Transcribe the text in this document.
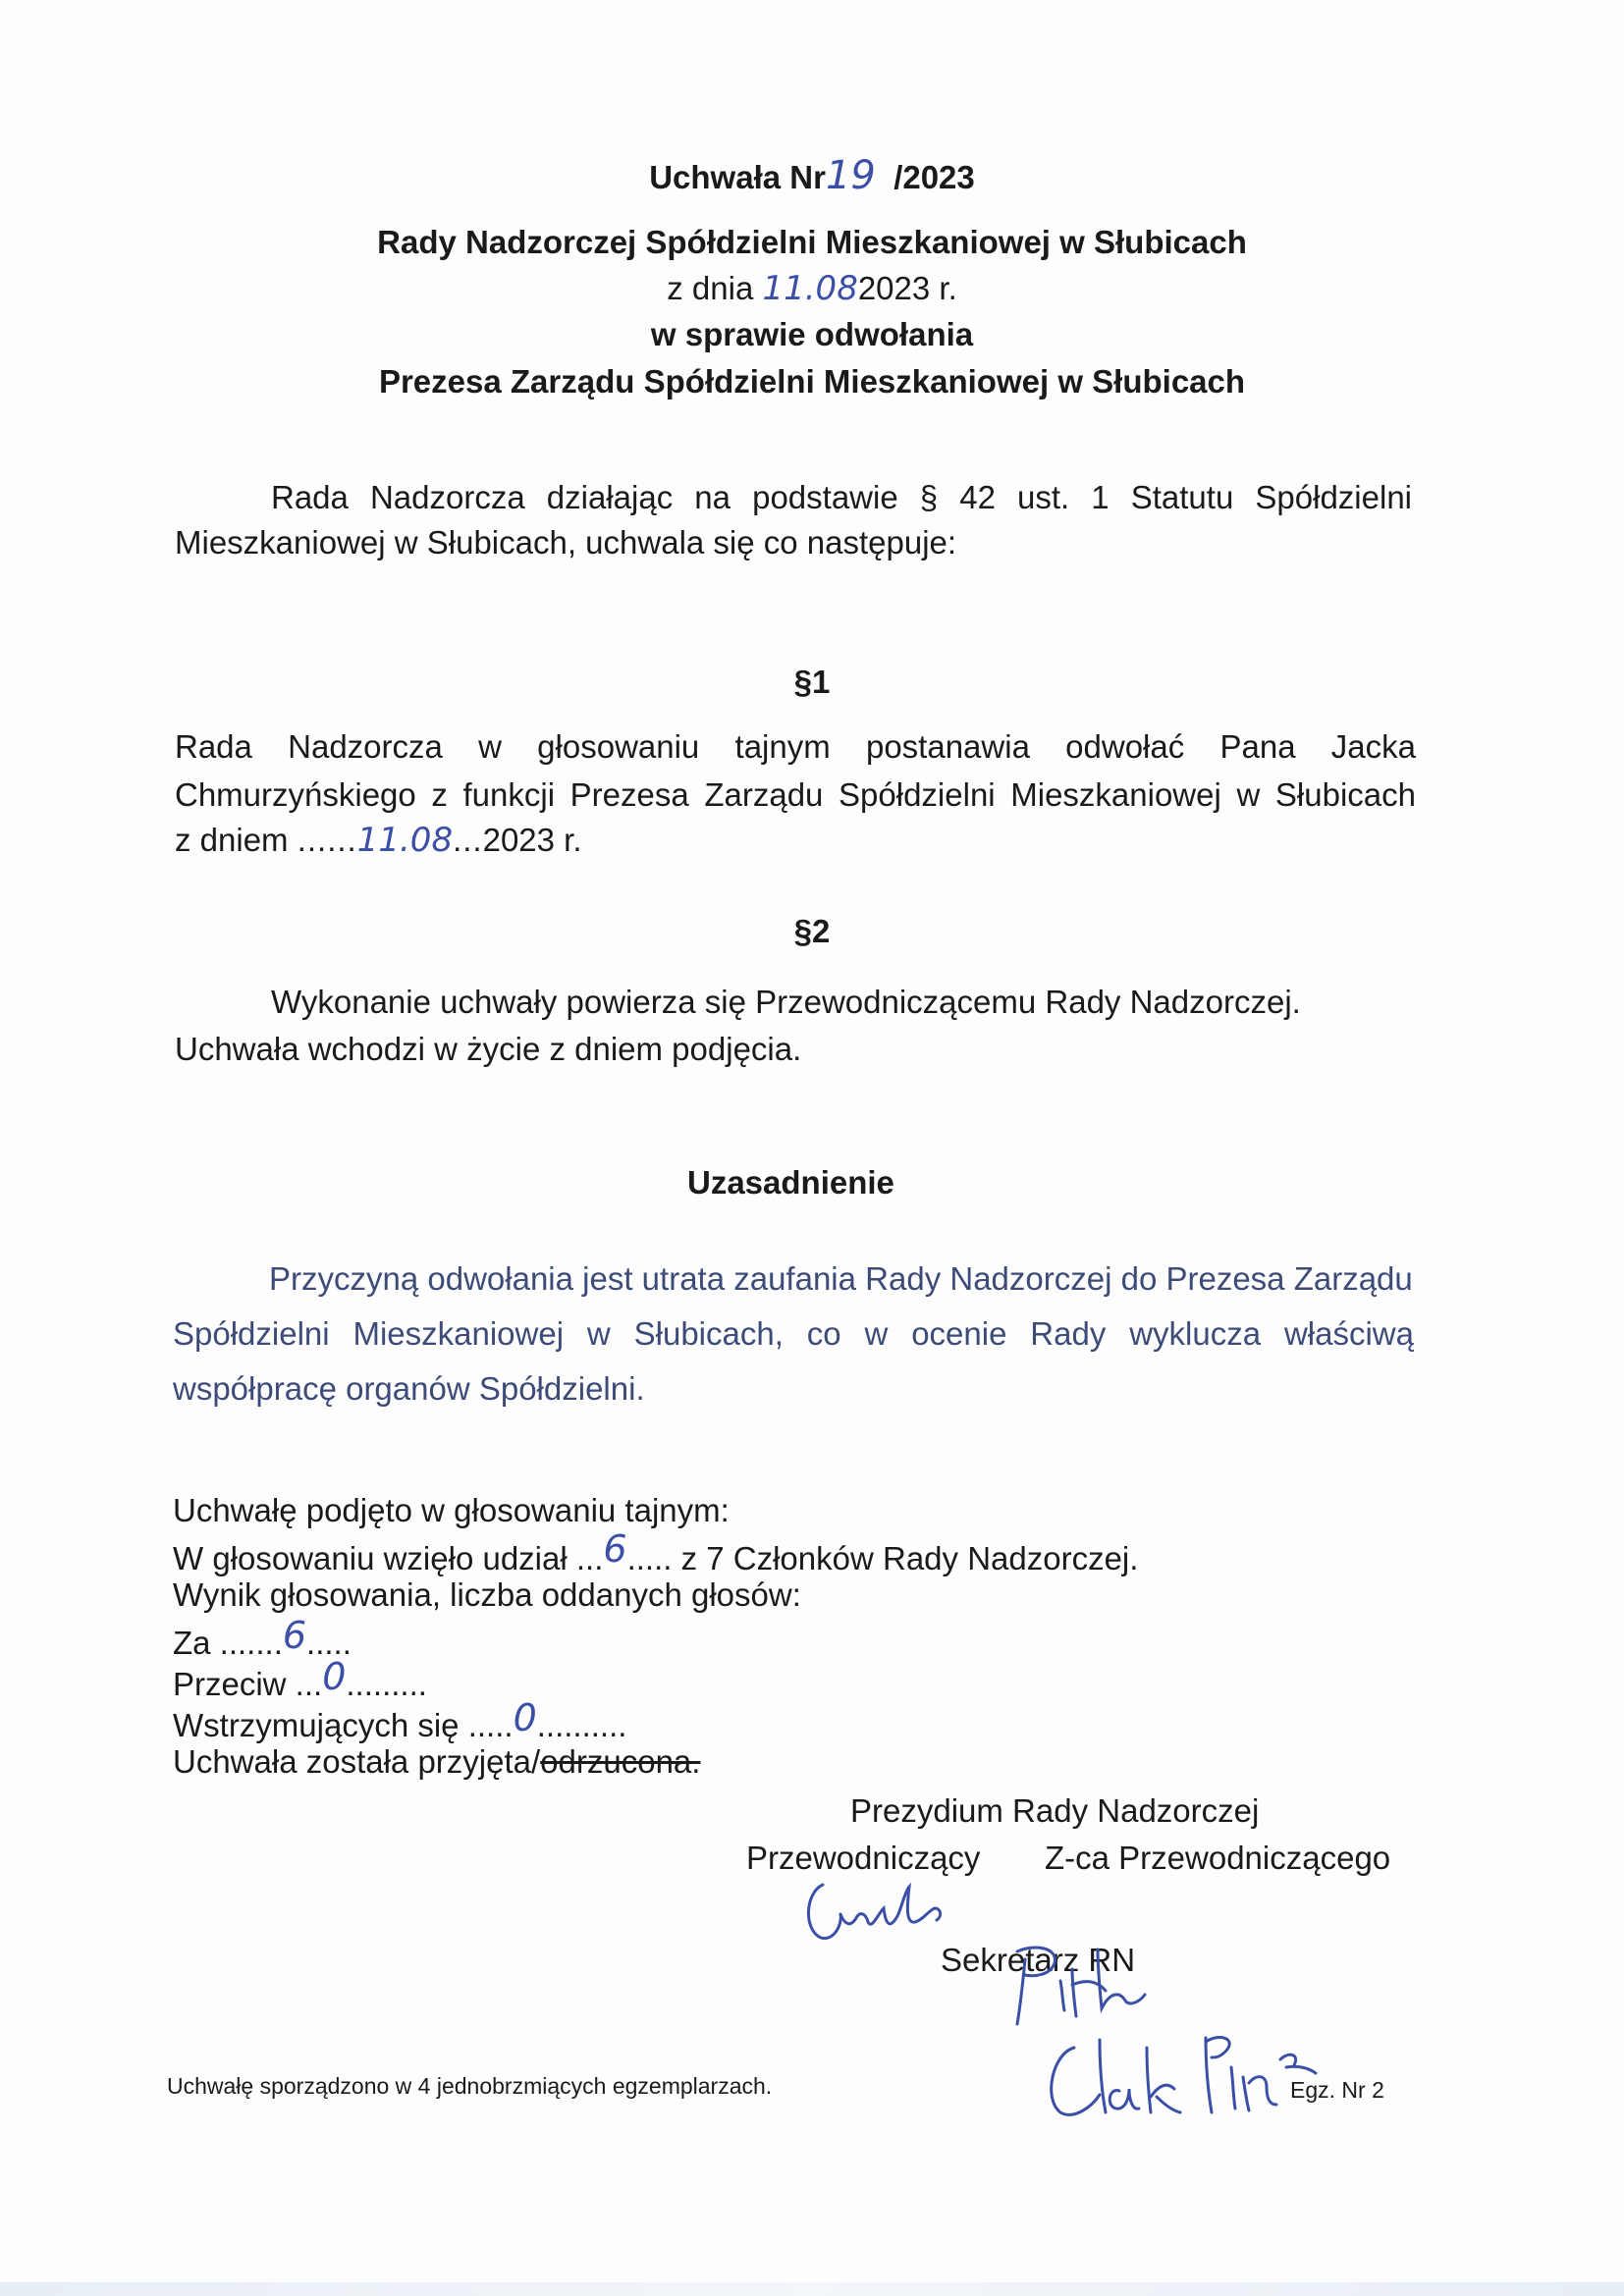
Uchwała Nr19 /2023
Rady Nadzorczej Spółdzielni Mieszkaniowej w Słubicach
z dnia 11.082023 r.
w sprawie odwołania
Prezesa Zarządu Spółdzielni Mieszkaniowej w Słubicach
Rada Nadzorcza działając na podstawie § 42 ust. 1 Statutu Spółdzielni
Mieszkaniowej w Słubicach, uchwala się co następuje:
§1
Rada Nadzorcza w głosowaniu tajnym postanawia odwołać Pana Jacka
Chmurzyńskiego z funkcji Prezesa Zarządu Spółdzielni Mieszkaniowej w Słubicach
z dniem ......11.08...2023 r.
§2
Wykonanie uchwały powierza się Przewodniczącemu Rady Nadzorczej.
Uchwała wchodzi w życie z dniem podjęcia.
Uzasadnienie
Przyczyną odwołania jest utrata zaufania Rady Nadzorczej do Prezesa Zarządu
Spółdzielni Mieszkaniowej w Słubicach, co w ocenie Rady wyklucza właściwą
współpracę organów Spółdzielni.
Uchwałę podjęto w głosowaniu tajnym:
W głosowaniu wzięło udział ...6..... z 7 Członków Rady Nadzorczej.
Wynik głosowania, liczba oddanych głosów:
Za .......6.....
Przeciw ...0.........
Wstrzymujących się .....0..........
Uchwała została przyjęta/odrzucona.
Prezydium Rady Nadzorczej
Przewodniczący Z-ca Przewodniczącego
Sekretarz RN
Uchwałę sporządzono w 4 jednobrzmiących egzemplarzach.	Egz. Nr 2
